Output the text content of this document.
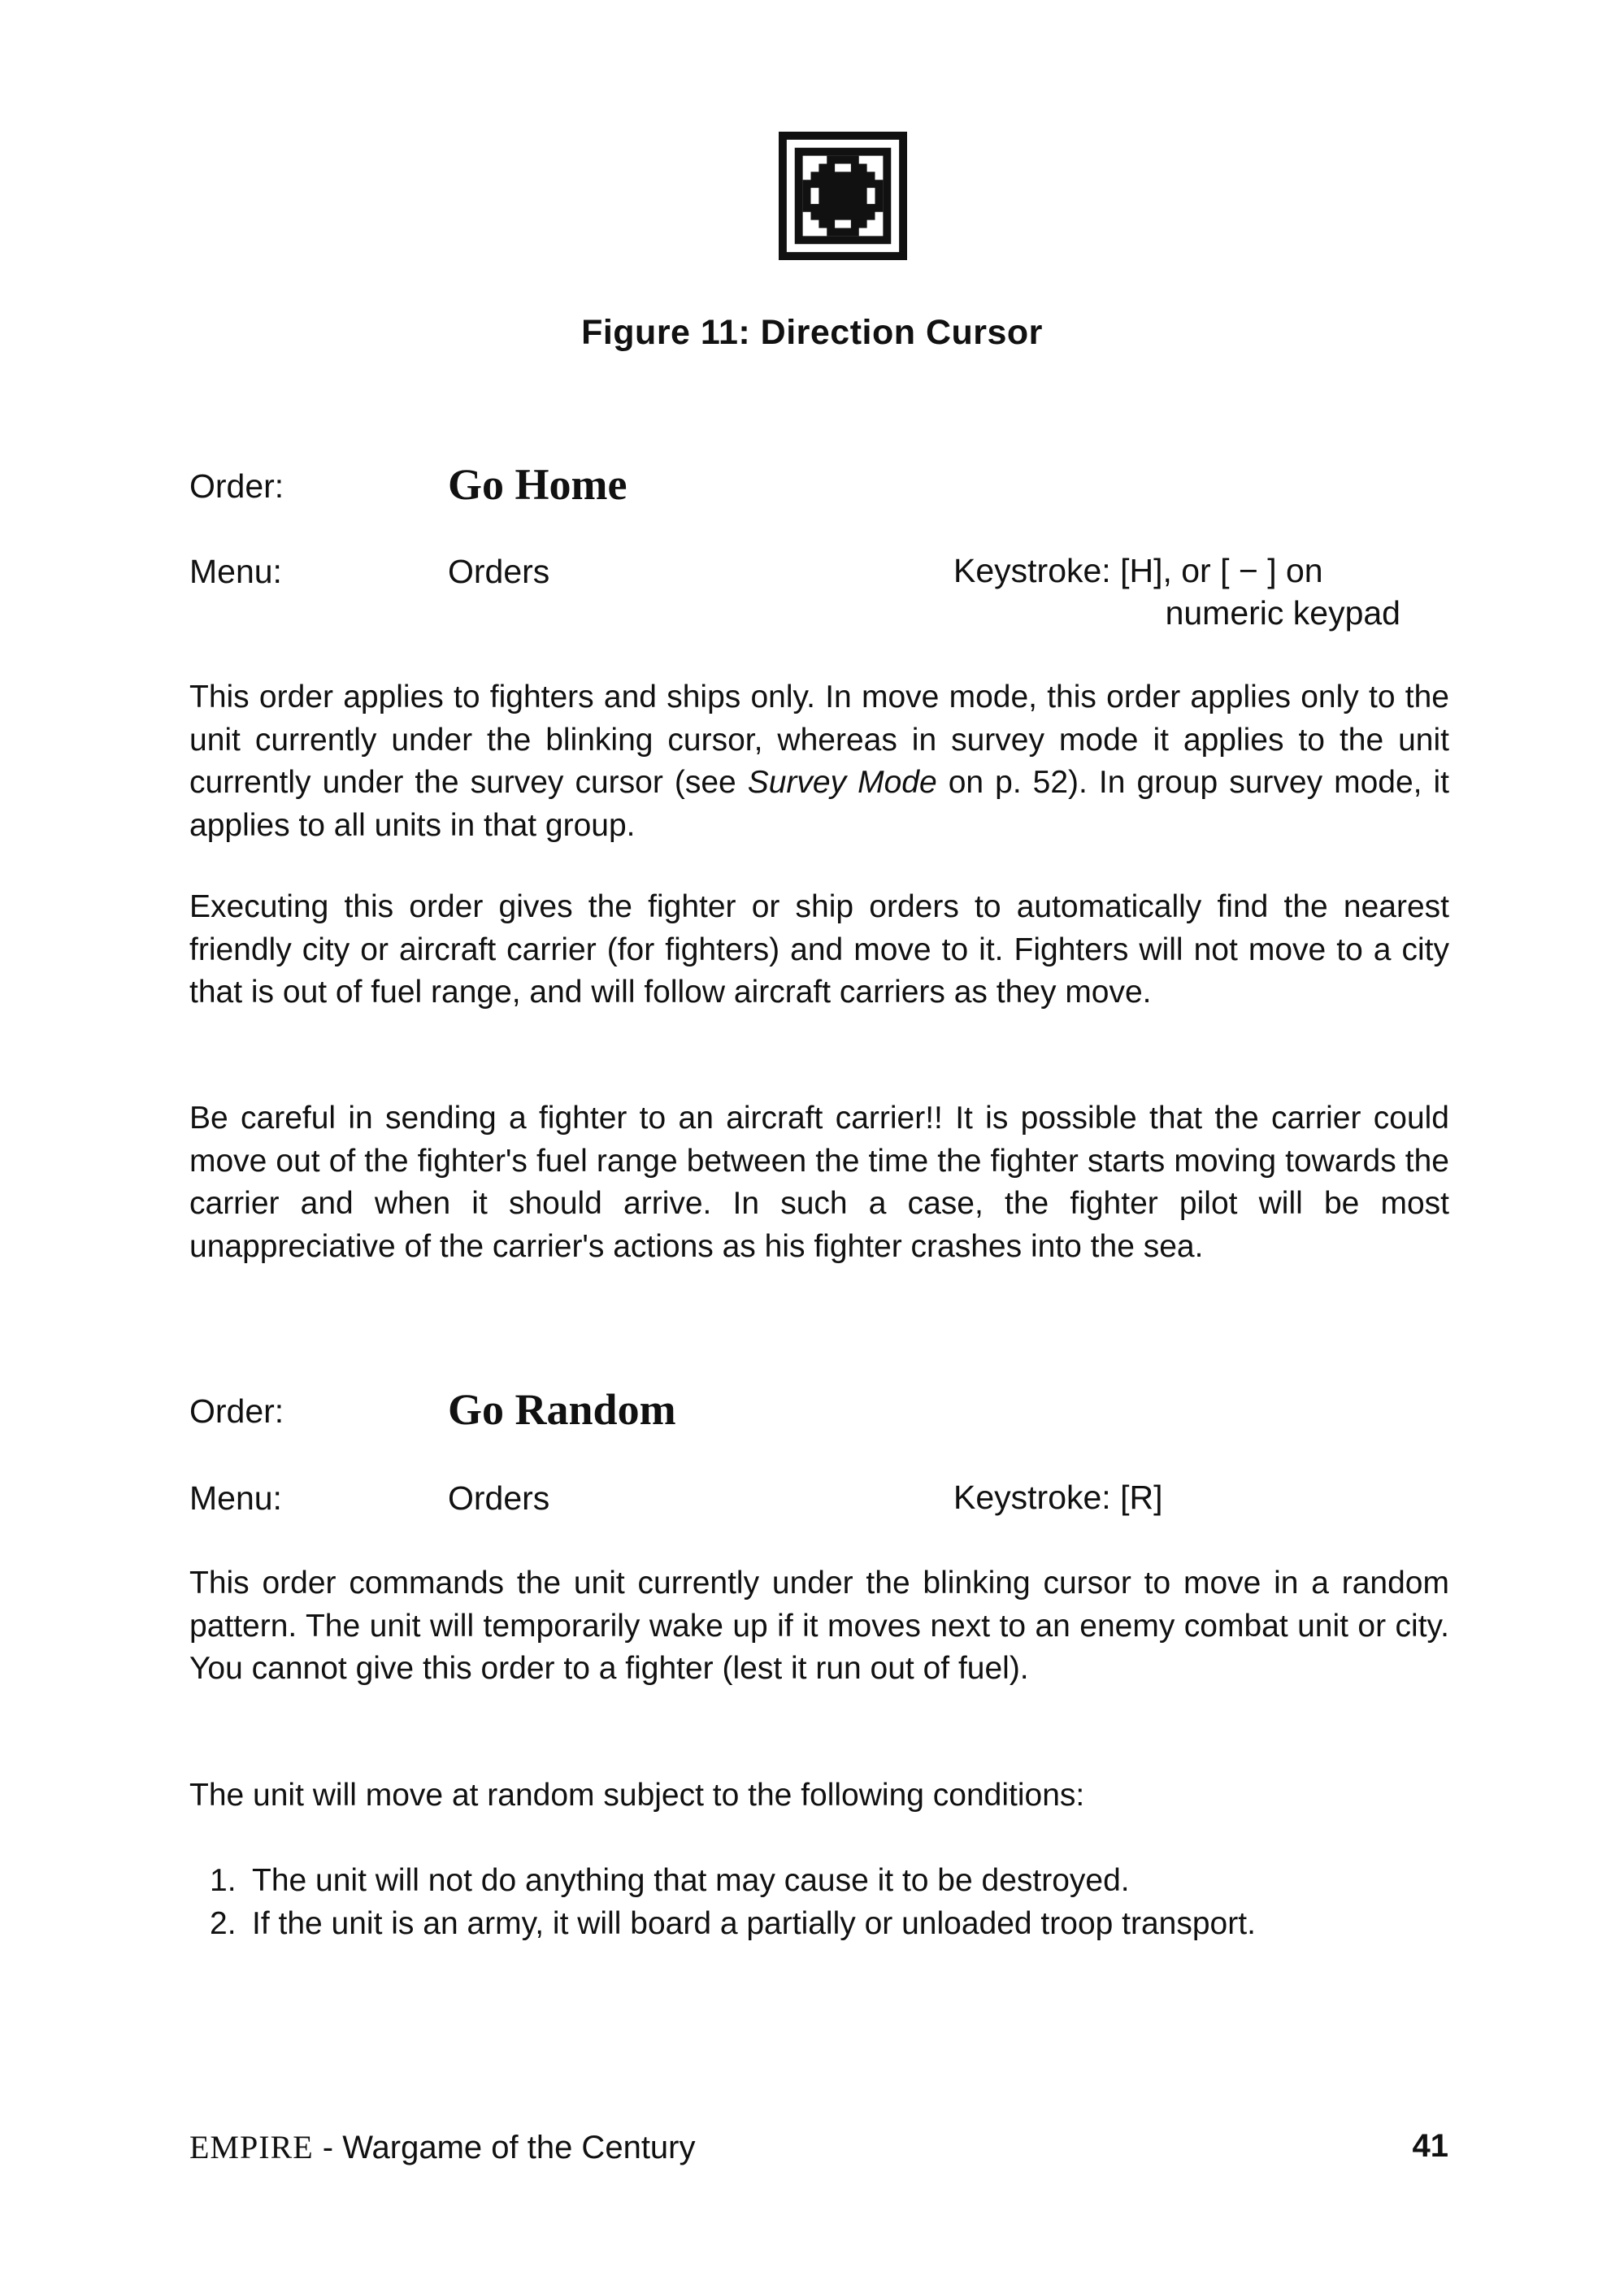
Figure 11: Direction Cursor
Order:	Go Home
Menu:	Orders	Keystroke: [H], or [ − ] on
numeric keypad

This order applies to fighters and ships only. In move mode, this order applies only to the unit currently under the blinking cursor, whereas in survey mode it applies to the unit currently under the survey cursor (see Survey Mode on p. 52). In group survey mode, it applies to all units in that group.

Executing this order gives the fighter or ship orders to automatically find the nearest friendly city or aircraft carrier (for fighters) and move to it. Fighters will not move to a city that is out of fuel range, and will follow aircraft carriers as they move.

Be careful in sending a fighter to an aircraft carrier!! It is possible that the carrier could move out of the fighter's fuel range between the time the fighter starts moving towards the carrier and when it should arrive. In such a case, the fighter pilot will be most unappreciative of the carrier's actions as his fighter crashes into the sea.

Order:	Go Random
Menu:	Orders	Keystroke: [R]

This order commands the unit currently under the blinking cursor to move in a random pattern. The unit will temporarily wake up if it moves next to an enemy combat unit or city. You cannot give this order to a fighter (lest it run out of fuel).

The unit will move at random subject to the following conditions:

1. The unit will not do anything that may cause it to be destroyed.
2. If the unit is an army, it will board a partially or unloaded troop transport.
EMPIRE - Wargame of the Century	41
